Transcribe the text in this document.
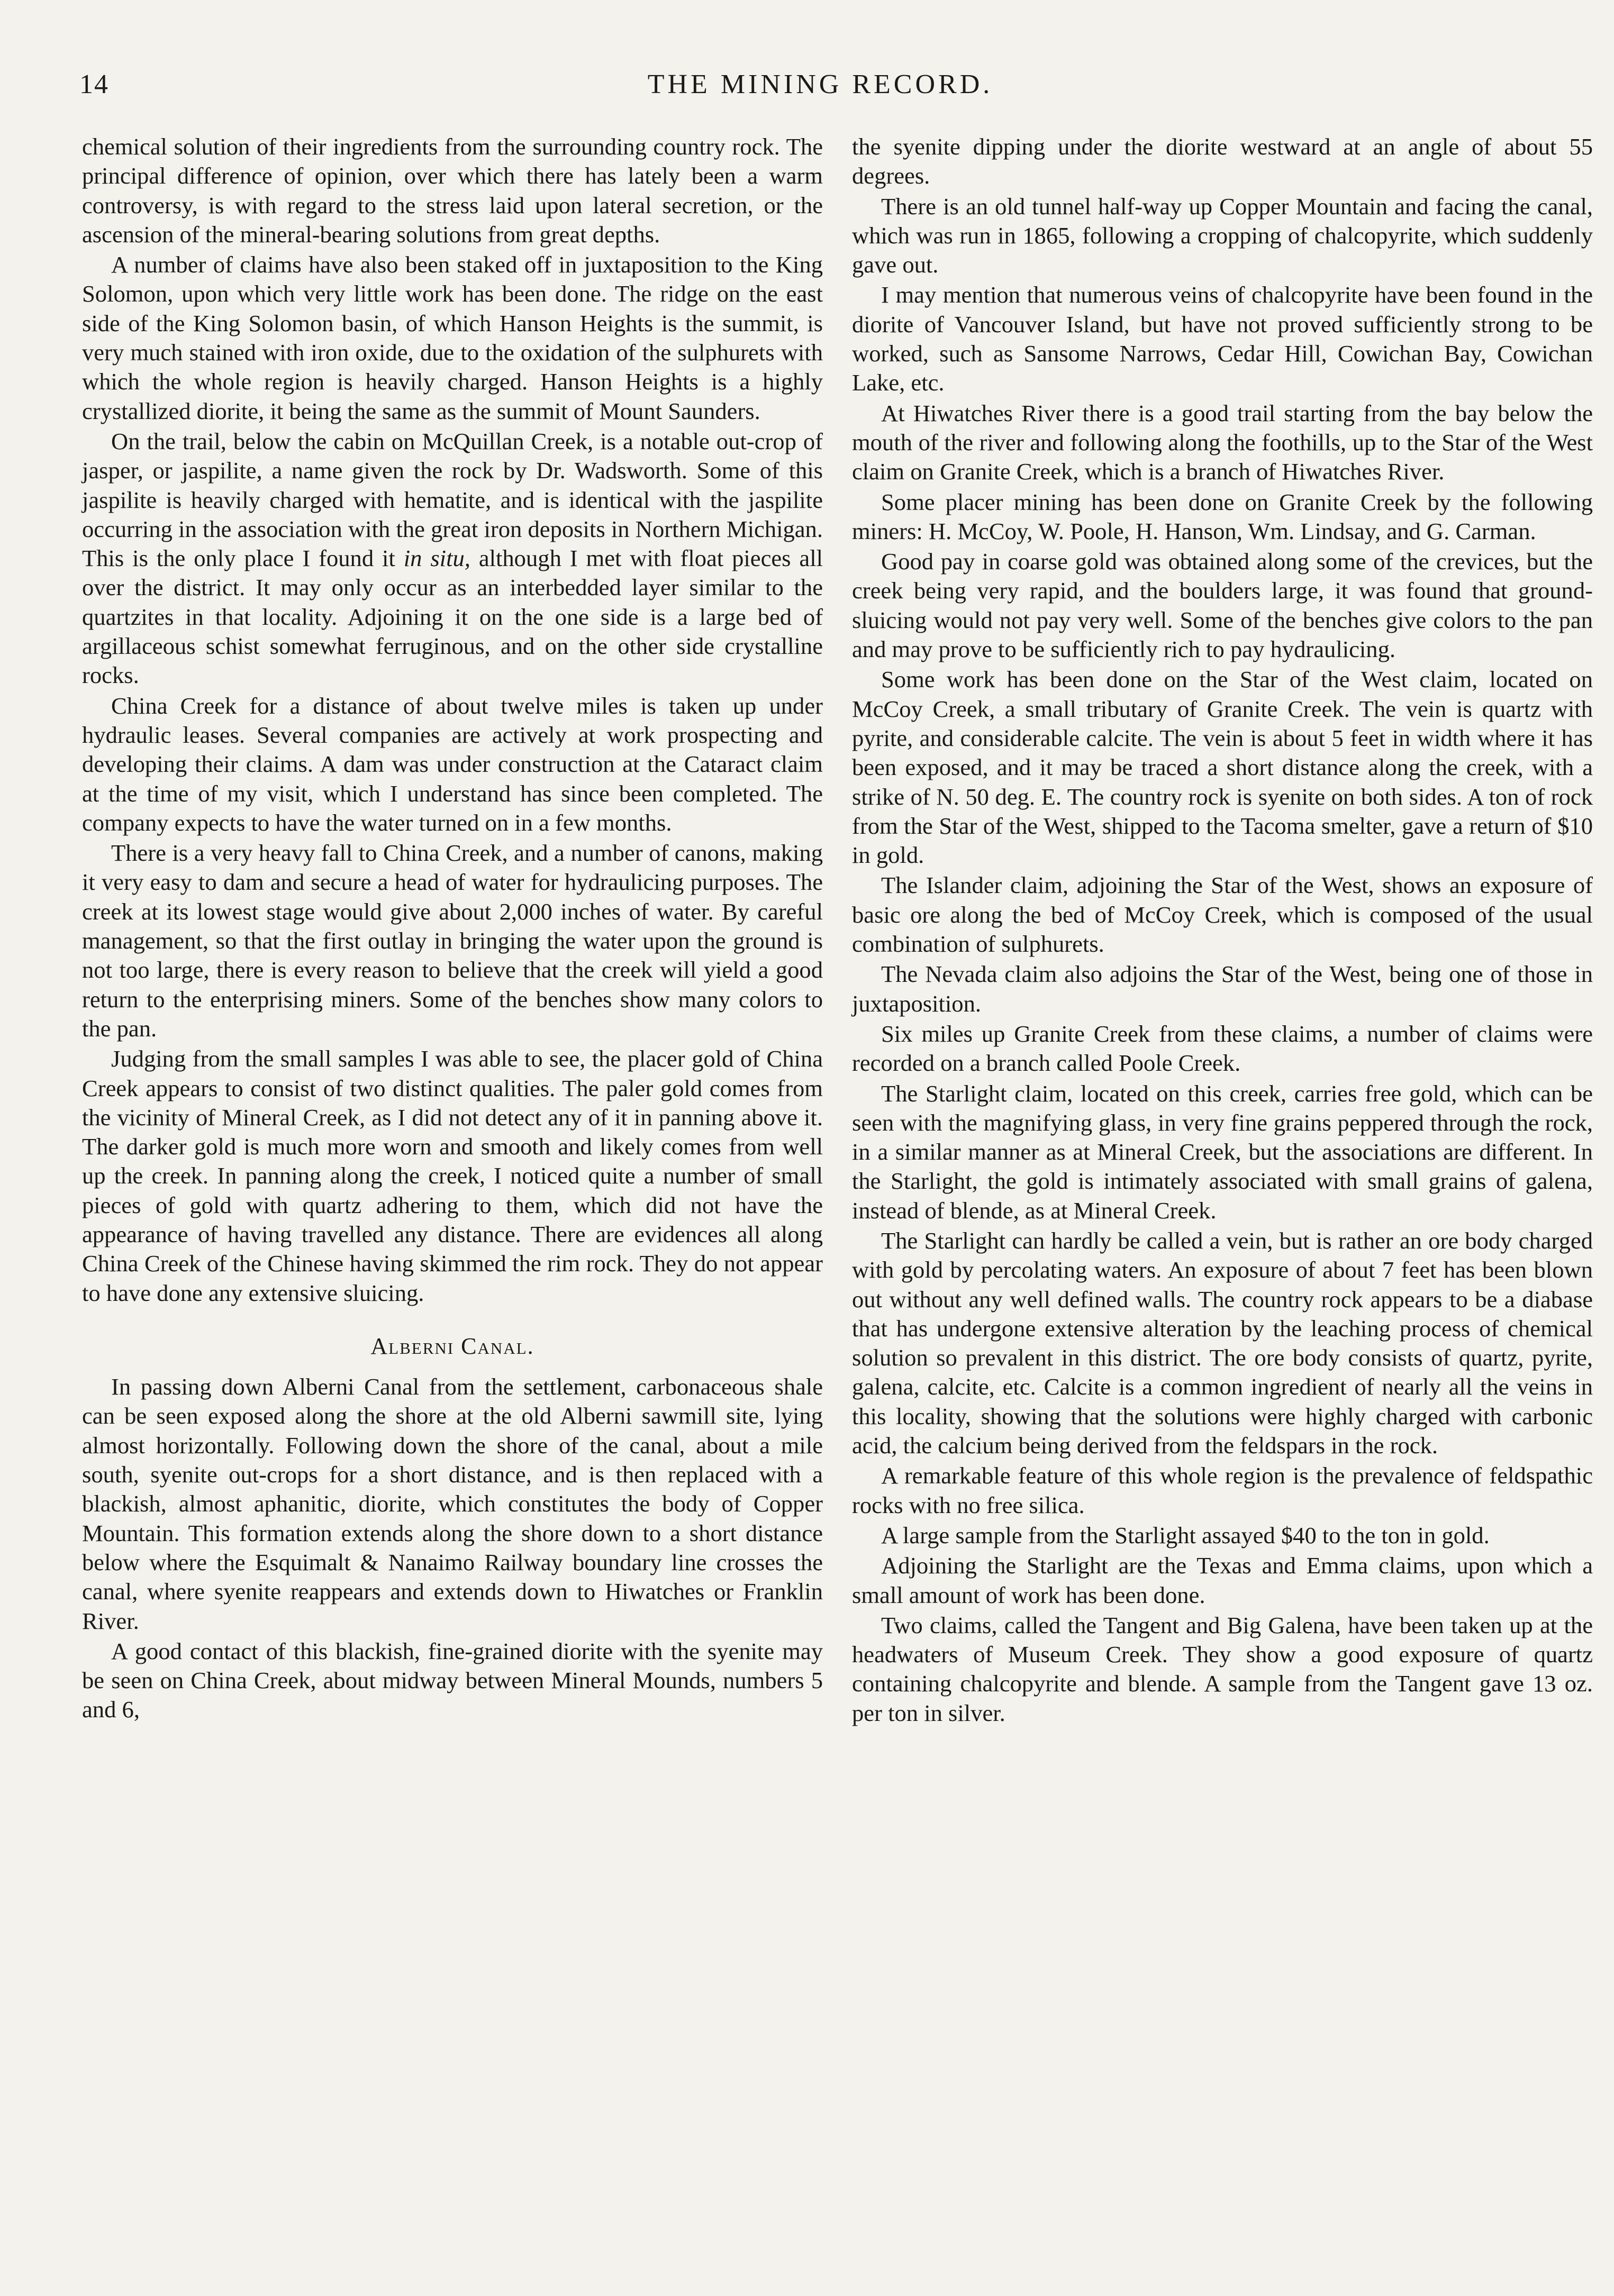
14	THE MINING RECORD.

chemical solution of their ingredients from the surrounding country rock. The principal difference of opinion, over which there has lately been a warm controversy, is with regard to the stress laid upon lateral secretion, or the ascension of the mineral-bearing solutions from great depths.

A number of claims have also been staked off in juxtaposition to the King Solomon, upon which very little work has been done. The ridge on the east side of the King Solomon basin, of which Hanson Heights is the summit, is very much stained with iron oxide, due to the oxidation of the sulphurets with which the whole region is heavily charged. Hanson Heights is a highly crystallized diorite, it being the same as the summit of Mount Saunders.

On the trail, below the cabin on McQuillan Creek, is a notable out-crop of jasper, or jaspilite, a name given the rock by Dr. Wadsworth. Some of this jaspilite is heavily charged with hematite, and is identical with the jaspilite occurring in the association with the great iron deposits in Northern Michigan. This is the only place I found it in situ, although I met with float pieces all over the district. It may only occur as an interbedded layer similar to the quartzites in that locality. Adjoining it on the one side is a large bed of argillaceous schist somewhat ferruginous, and on the other side crystalline rocks.

China Creek for a distance of about twelve miles is taken up under hydraulic leases. Several companies are actively at work prospecting and developing their claims. A dam was under construction at the Cataract claim at the time of my visit, which I understand has since been completed. The company expects to have the water turned on in a few months.

There is a very heavy fall to China Creek, and a number of canons, making it very easy to dam and secure a head of water for hydraulicing purposes. The creek at its lowest stage would give about 2,000 inches of water. By careful management, so that the first outlay in bringing the water upon the ground is not too large, there is every reason to believe that the creek will yield a good return to the enterprising miners. Some of the benches show many colors to the pan.

Judging from the small samples I was able to see, the placer gold of China Creek appears to consist of two distinct qualities. The paler gold comes from the vicinity of Mineral Creek, as I did not detect any of it in panning above it. The darker gold is much more worn and smooth and likely comes from well up the creek. In panning along the creek, I noticed quite a number of small pieces of gold with quartz adhering to them, which did not have the appearance of having travelled any distance. There are evidences all along China Creek of the Chinese having skimmed the rim rock. They do not appear to have done any extensive sluicing.

Alberni Canal.

In passing down Alberni Canal from the settlement, carbonaceous shale can be seen exposed along the shore at the old Alberni sawmill site, lying almost horizontally. Following down the shore of the canal, about a mile south, syenite out-crops for a short distance, and is then replaced with a blackish, almost aphanitic, diorite, which constitutes the body of Copper Mountain. This formation extends along the shore down to a short distance below where the Esquimalt & Nanaimo Railway boundary line crosses the canal, where syenite reappears and extends down to Hiwatches or Franklin River.

A good contact of this blackish, fine-grained diorite with the syenite may be seen on China Creek, about midway between Mineral Mounds, numbers 5 and 6,

the syenite dipping under the diorite westward at an angle of about 55 degrees.

There is an old tunnel half-way up Copper Mountain and facing the canal, which was run in 1865, following a cropping of chalcopyrite, which suddenly gave out.

I may mention that numerous veins of chalcopyrite have been found in the diorite of Vancouver Island, but have not proved sufficiently strong to be worked, such as Sansome Narrows, Cedar Hill, Cowichan Bay, Cowichan Lake, etc.

At Hiwatches River there is a good trail starting from the bay below the mouth of the river and following along the foothills, up to the Star of the West claim on Granite Creek, which is a branch of Hiwatches River.

Some placer mining has been done on Granite Creek by the following miners: H. McCoy, W. Poole, H. Hanson, Wm. Lindsay, and G. Carman.

Good pay in coarse gold was obtained along some of the crevices, but the creek being very rapid, and the boulders large, it was found that ground-sluicing would not pay very well. Some of the benches give colors to the pan and may prove to be sufficiently rich to pay hydraulicing.

Some work has been done on the Star of the West claim, located on McCoy Creek, a small tributary of Granite Creek. The vein is quartz with pyrite, and considerable calcite. The vein is about 5 feet in width where it has been exposed, and it may be traced a short distance along the creek, with a strike of N. 50 deg. E. The country rock is syenite on both sides. A ton of rock from the Star of the West, shipped to the Tacoma smelter, gave a return of $10 in gold.

The Islander claim, adjoining the Star of the West, shows an exposure of basic ore along the bed of McCoy Creek, which is composed of the usual combination of sulphurets.

The Nevada claim also adjoins the Star of the West, being one of those in juxtaposition.

Six miles up Granite Creek from these claims, a number of claims were recorded on a branch called Poole Creek.

The Starlight claim, located on this creek, carries free gold, which can be seen with the magnifying glass, in very fine grains peppered through the rock, in a similar manner as at Mineral Creek, but the associations are different. In the Starlight, the gold is intimately associated with small grains of galena, instead of blende, as at Mineral Creek.

The Starlight can hardly be called a vein, but is rather an ore body charged with gold by percolating waters. An exposure of about 7 feet has been blown out without any well defined walls. The country rock appears to be a diabase that has undergone extensive alteration by the leaching process of chemical solution so prevalent in this district. The ore body consists of quartz, pyrite, galena, calcite, etc. Calcite is a common ingredient of nearly all the veins in this locality, showing that the solutions were highly charged with carbonic acid, the calcium being derived from the feldspars in the rock.

A remarkable feature of this whole region is the prevalence of feldspathic rocks with no free silica.

A large sample from the Starlight assayed $40 to the ton in gold.

Adjoining the Starlight are the Texas and Emma claims, upon which a small amount of work has been done.

Two claims, called the Tangent and Big Galena, have been taken up at the headwaters of Museum Creek. They show a good exposure of quartz containing chalcopyrite and blende. A sample from the Tangent gave 13 oz. per ton in silver.
